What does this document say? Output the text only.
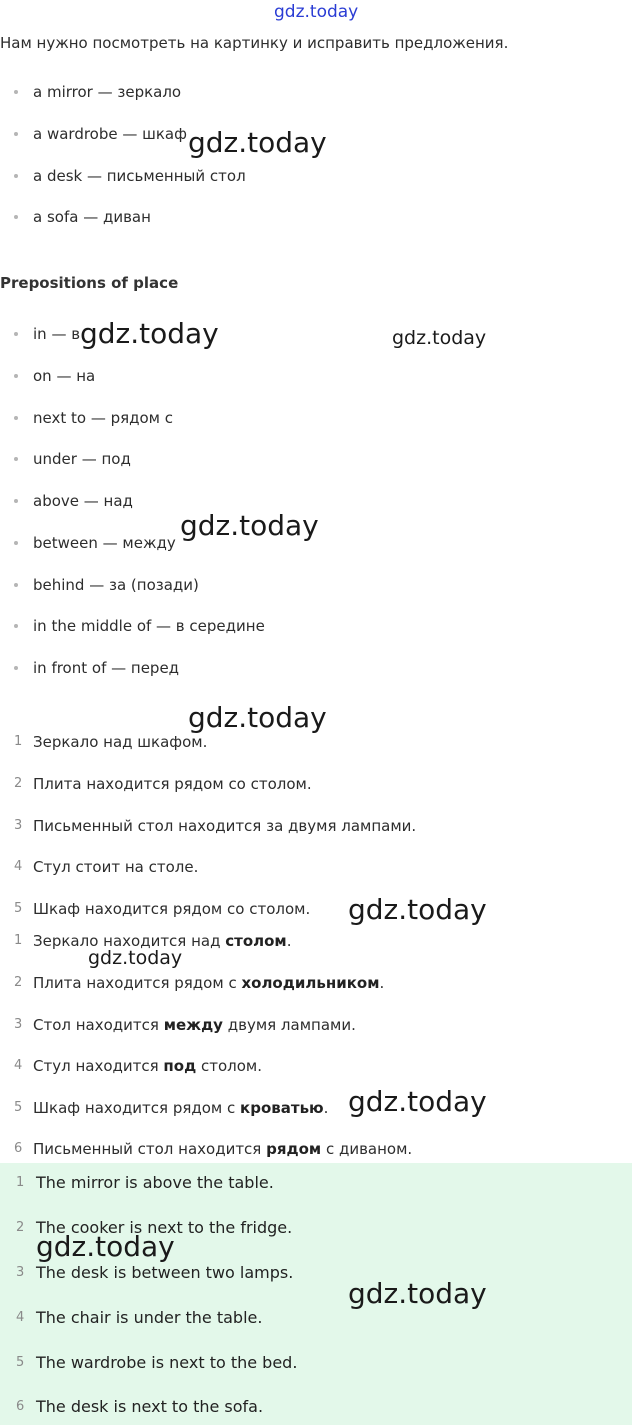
gdz.today
Нам нужно посмотреть на картинку и исправить предложения.
a mirror — зеркало
a wardrobe — шкаф
a desk — письменный стол
a sofa — диван
Prepositions of place
in — в
on — на
next to — рядом с
under — под
above — над
between — между
behind — за (позади)
in the middle of — в середине
in front of — перед
1 Зеркало над шкафом.
2 Плита находится рядом со столом.
3 Письменный стол находится за двумя лампами.
4 Стул стоит на столе.
5 Шкаф находится рядом со столом.
1 Зеркало находится над столом.
2 Плита находится рядом с холодильником.
3 Стол находится между двумя лампами.
4 Стул находится под столом.
5 Шкаф находится рядом с кроватью.
6 Письменный стол находится рядом с диваном.
1 The mirror is above the table.
2 The cooker is next to the fridge.
3 The desk is between two lamps.
4 The chair is under the table.
5 The wardrobe is next to the bed.
6 The desk is next to the sofa.
gdz.today
gdz.today	gdz.today
gdz.today
gdz.today
gdz.today
gdz.today
gdz.today
gdz.today
gdz.today
